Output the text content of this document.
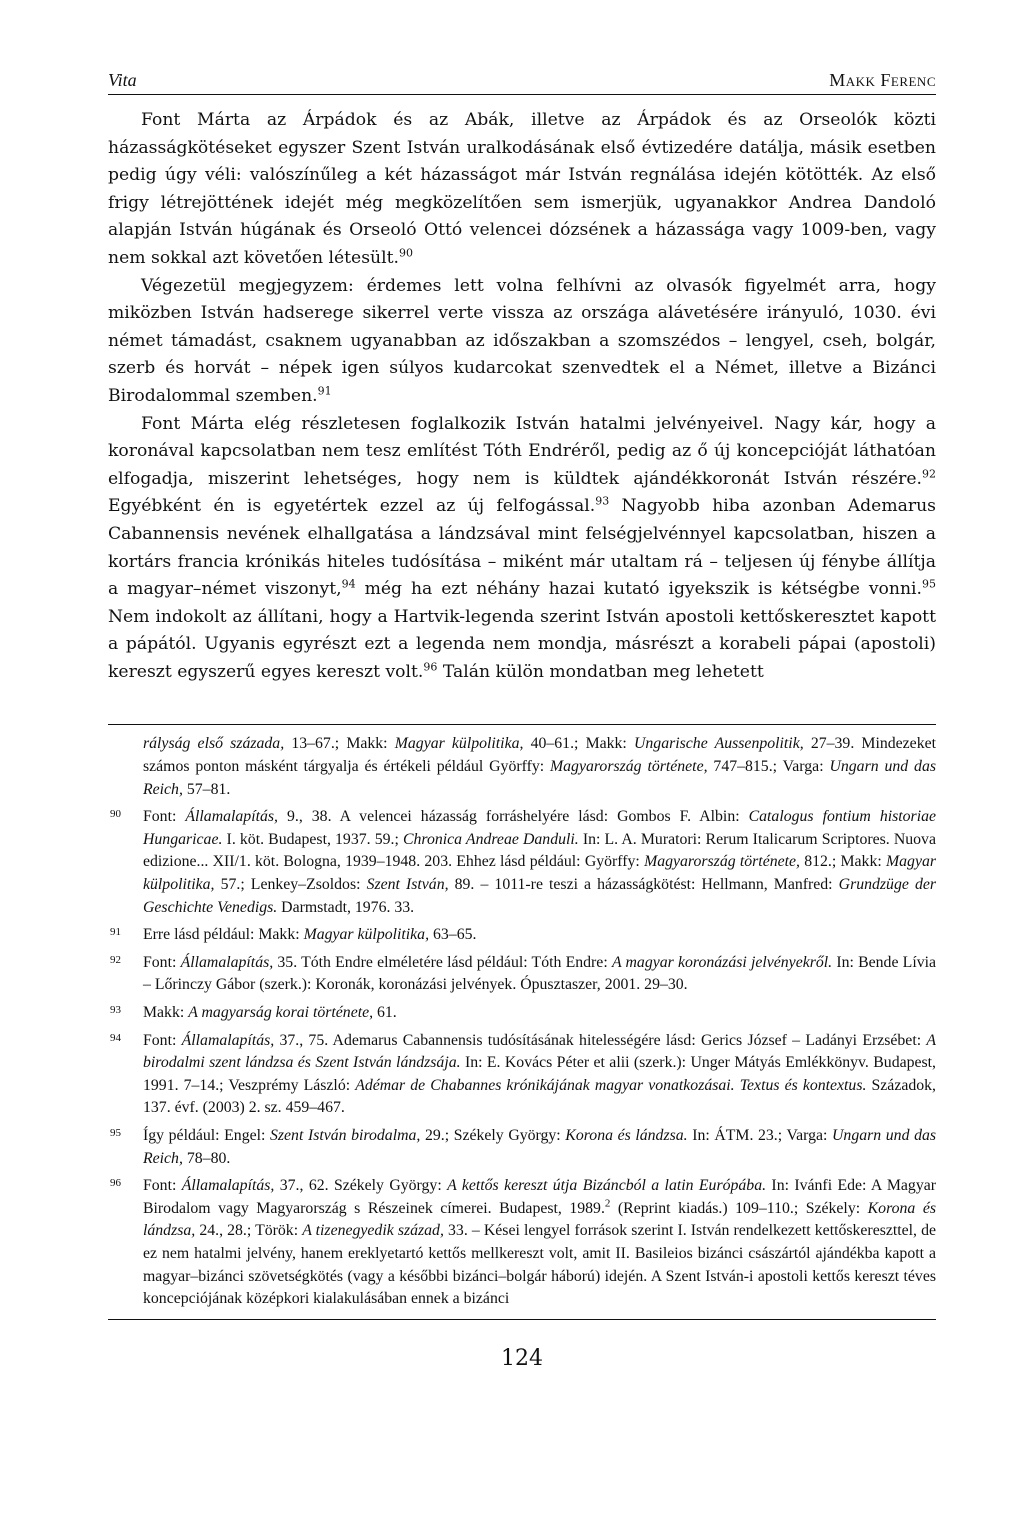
Vita	Makk Ferenc

Font Márta az Árpádok és az Abák, illetve az Árpádok és az Orseolók közti házasságkötéseket egyszer Szent István uralkodásának első évtizedére datálja, másik esetben pedig úgy véli: valószínűleg a két házasságot már István regnálása idején kötötték. Az első frigy létrejöttének idejét még megközelítően sem ismerjük, ugyanakkor Andrea Dandoló alapján István húgának és Orseoló Ottó velencei dózsének a házassága vagy 1009-ben, vagy nem sokkal azt követően létesült.$^{90}$

Végezetül megjegyzem: érdemes lett volna felhívni az olvasók figyelmét arra, hogy miközben István hadserege sikerrel verte vissza az országa alávetésére irányuló, 1030. évi német támadást, csaknem ugyanabban az időszakban a szomszédos – lengyel, cseh, bolgár, szerb és horvát – népek igen súlyos kudarcokat szenvedtek el a Német, illetve a Bizánci Birodalommal szemben.$^{91}$

Font Márta elég részletesen foglalkozik István hatalmi jelvényeivel. Nagy kár, hogy a koronával kapcsolatban nem tesz említést Tóth Endréről, pedig az ő új koncepcióját láthatóan elfogadja, miszerint lehetséges, hogy nem is küldtek ajándékkoronát István részére.$^{92}$ Egyébként én is egyetértek ezzel az új felfogással.$^{93}$ Nagyobb hiba azonban Ademarus Cabannensis nevének elhallgatása a lándzsával mint felségjelvénnyel kapcsolatban, hiszen a kortárs francia krónikás hiteles tudósítása – miként már utaltam rá – teljesen új fénybe állítja a magyar–német viszonyt,$^{94}$ még ha ezt néhány hazai kutató igyekszik is kétségbe vonni.$^{95}$ Nem indokolt az állítani, hogy a Hartvik-legenda szerint István apostoli kettőskeresztet kapott a pápától. Ugyanis egyrészt ezt a legenda nem mondja, másrészt a korabeli pápai (apostoli) kereszt egyszerű egyes kereszt volt.$^{96}$ Talán külön mondatban meg lehetett

rályság első százada, 13–67.; Makk: Magyar külpolitika, 40–61.; Makk: Ungarische Aussenpolitik, 27–39. Mindezeket számos ponton másként tárgyalja és értékeli például Györffy: Magyarország története, 747–815.; Varga: Ungarn und das Reich, 57–81.
90	Font: Államalapítás, 9., 38. A velencei házasság forráshelyére lásd: Gombos F. Albin: Catalogus fontium historiae Hungaricae. I. köt. Budapest, 1937. 59.; Chronica Andreae Danduli. In: L. A. Muratori: Rerum Italicarum Scriptores. Nuova edizione... XII/1. köt. Bologna, 1939–1948. 203. Ehhez lásd például: Györffy: Magyarország története, 812.; Makk: Magyar külpolitika, 57.; Lenkey–Zsoldos: Szent István, 89. – 1011-re teszi a házasságkötést: Hellmann, Manfred: Grundzüge der Geschichte Venedigs. Darmstadt, 1976. 33.
91	Erre lásd például: Makk: Magyar külpolitika, 63–65.
92	Font: Államalapítás, 35. Tóth Endre elméletére lásd például: Tóth Endre: A magyar koronázási jelvényekről. In: Bende Lívia – Lőrinczy Gábor (szerk.): Koronák, koronázási jelvények. Ópusztaszer, 2001. 29–30.
93	Makk: A magyarság korai története, 61.
94	Font: Államalapítás, 37., 75. Ademarus Cabannensis tudósításának hitelességére lásd: Gerics József – Ladányi Erzsébet: A birodalmi szent lándzsa és Szent István lándzsája. In: E. Kovács Péter et alii (szerk.): Unger Mátyás Emlékkönyv. Budapest, 1991. 7–14.; Veszprémy László: Adémar de Chabannes krónikájának magyar vonatkozásai. Textus és kontextus. Századok, 137. évf. (2003) 2. sz. 459–467.
95	Így például: Engel: Szent István birodalma, 29.; Székely György: Korona és lándzsa. In: ÁTM. 23.; Varga: Ungarn und das Reich, 78–80.
96	Font: Államalapítás, 37., 62. Székely György: A kettős kereszt útja Bizáncból a latin Európába. In: Ivánfi Ede: A Magyar Birodalom vagy Magyarország s Részeinek címerei. Budapest, 1989.$^2$ (Reprint kiadás.) 109–110.; Székely: Korona és lándzsa, 24., 28.; Török: A tizenegyedik század, 33. – Kései lengyel források szerint I. István rendelkezett kettőskereszttel, de ez nem hatalmi jelvény, hanem ereklyetartó kettős mellkereszt volt, amit II. Basileios bizánci császártól ajándékba kapott a magyar–bizánci szövetségkötés (vagy a későbbi bizánci–bolgár háború) idején. A Szent István-i apostoli kettős kereszt téves koncepciójának középkori kialakulásában ennek a bizánci
124
